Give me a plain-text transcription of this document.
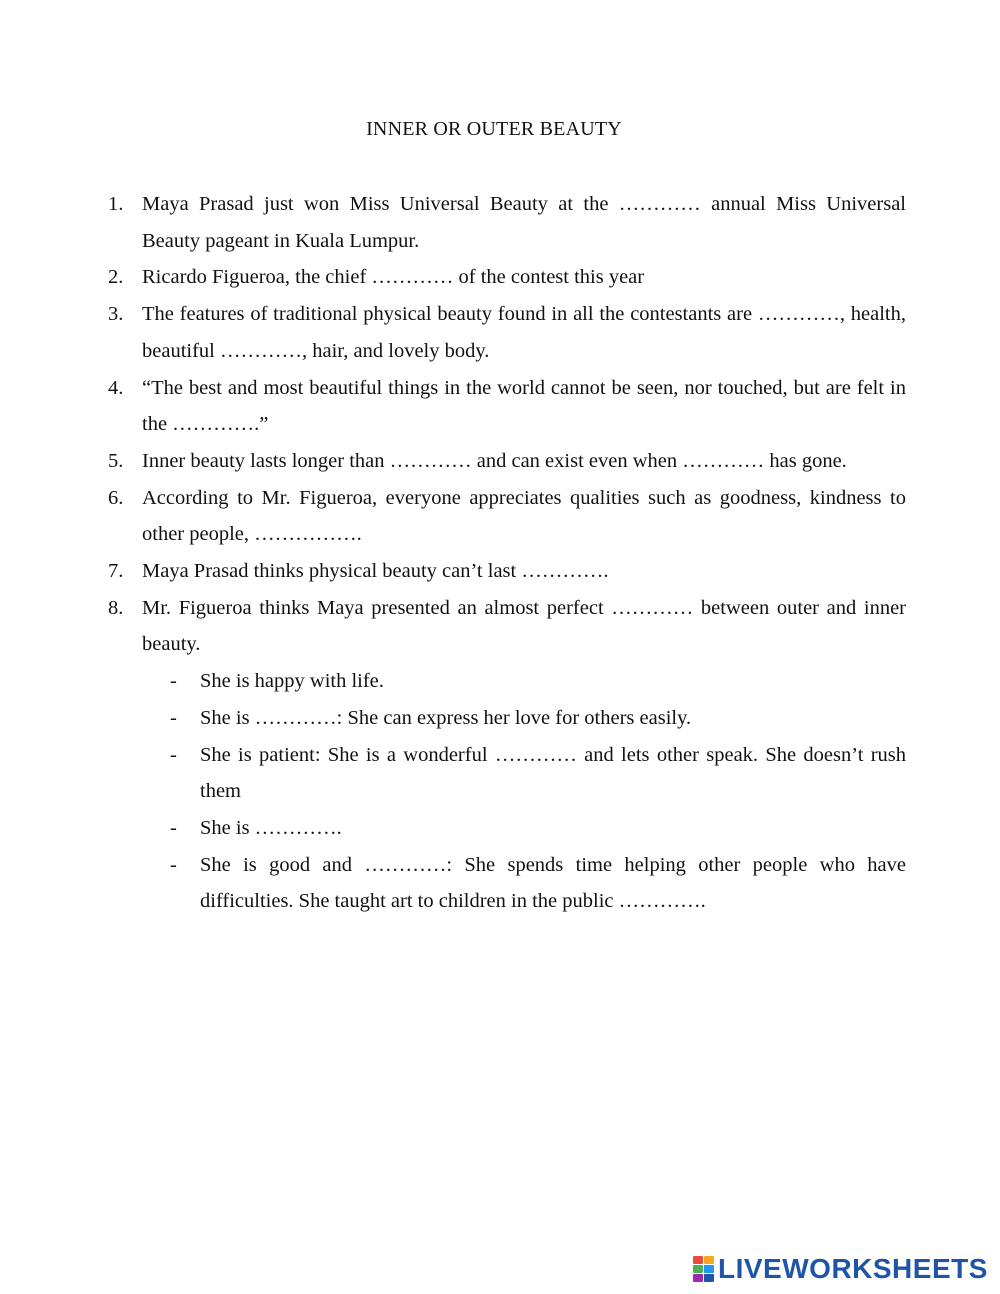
INNER OR OUTER BEAUTY
1. Maya Prasad just won Miss Universal Beauty at the ………… annual Miss Universal Beauty pageant in Kuala Lumpur.
2. Ricardo Figueroa, the chief ………… of the contest this year
3. The features of traditional physical beauty found in all the contestants are …………, health, beautiful …………, hair, and lovely body.
4. “The best and most beautiful things in the world cannot be seen, nor touched, but are felt in the ………….”
5. Inner beauty lasts longer than ………… and can exist even when ………… has gone.
6. According to Mr. Figueroa, everyone appreciates qualities such as goodness, kindness to other people, …………….
7. Maya Prasad thinks physical beauty can’t last ………….
8. Mr. Figueroa thinks Maya presented an almost perfect ………… between outer and inner beauty.
-	She is happy with life.
-	She is …………: She can express her love for others easily.
-	She is patient: She is a wonderful ………… and lets other speak. She doesn’t rush them
-	She is ………….
-	She is good and …………: She spends time helping other people who have difficulties. She taught art to children in the public ………….
LIVEWORKSHEETS
